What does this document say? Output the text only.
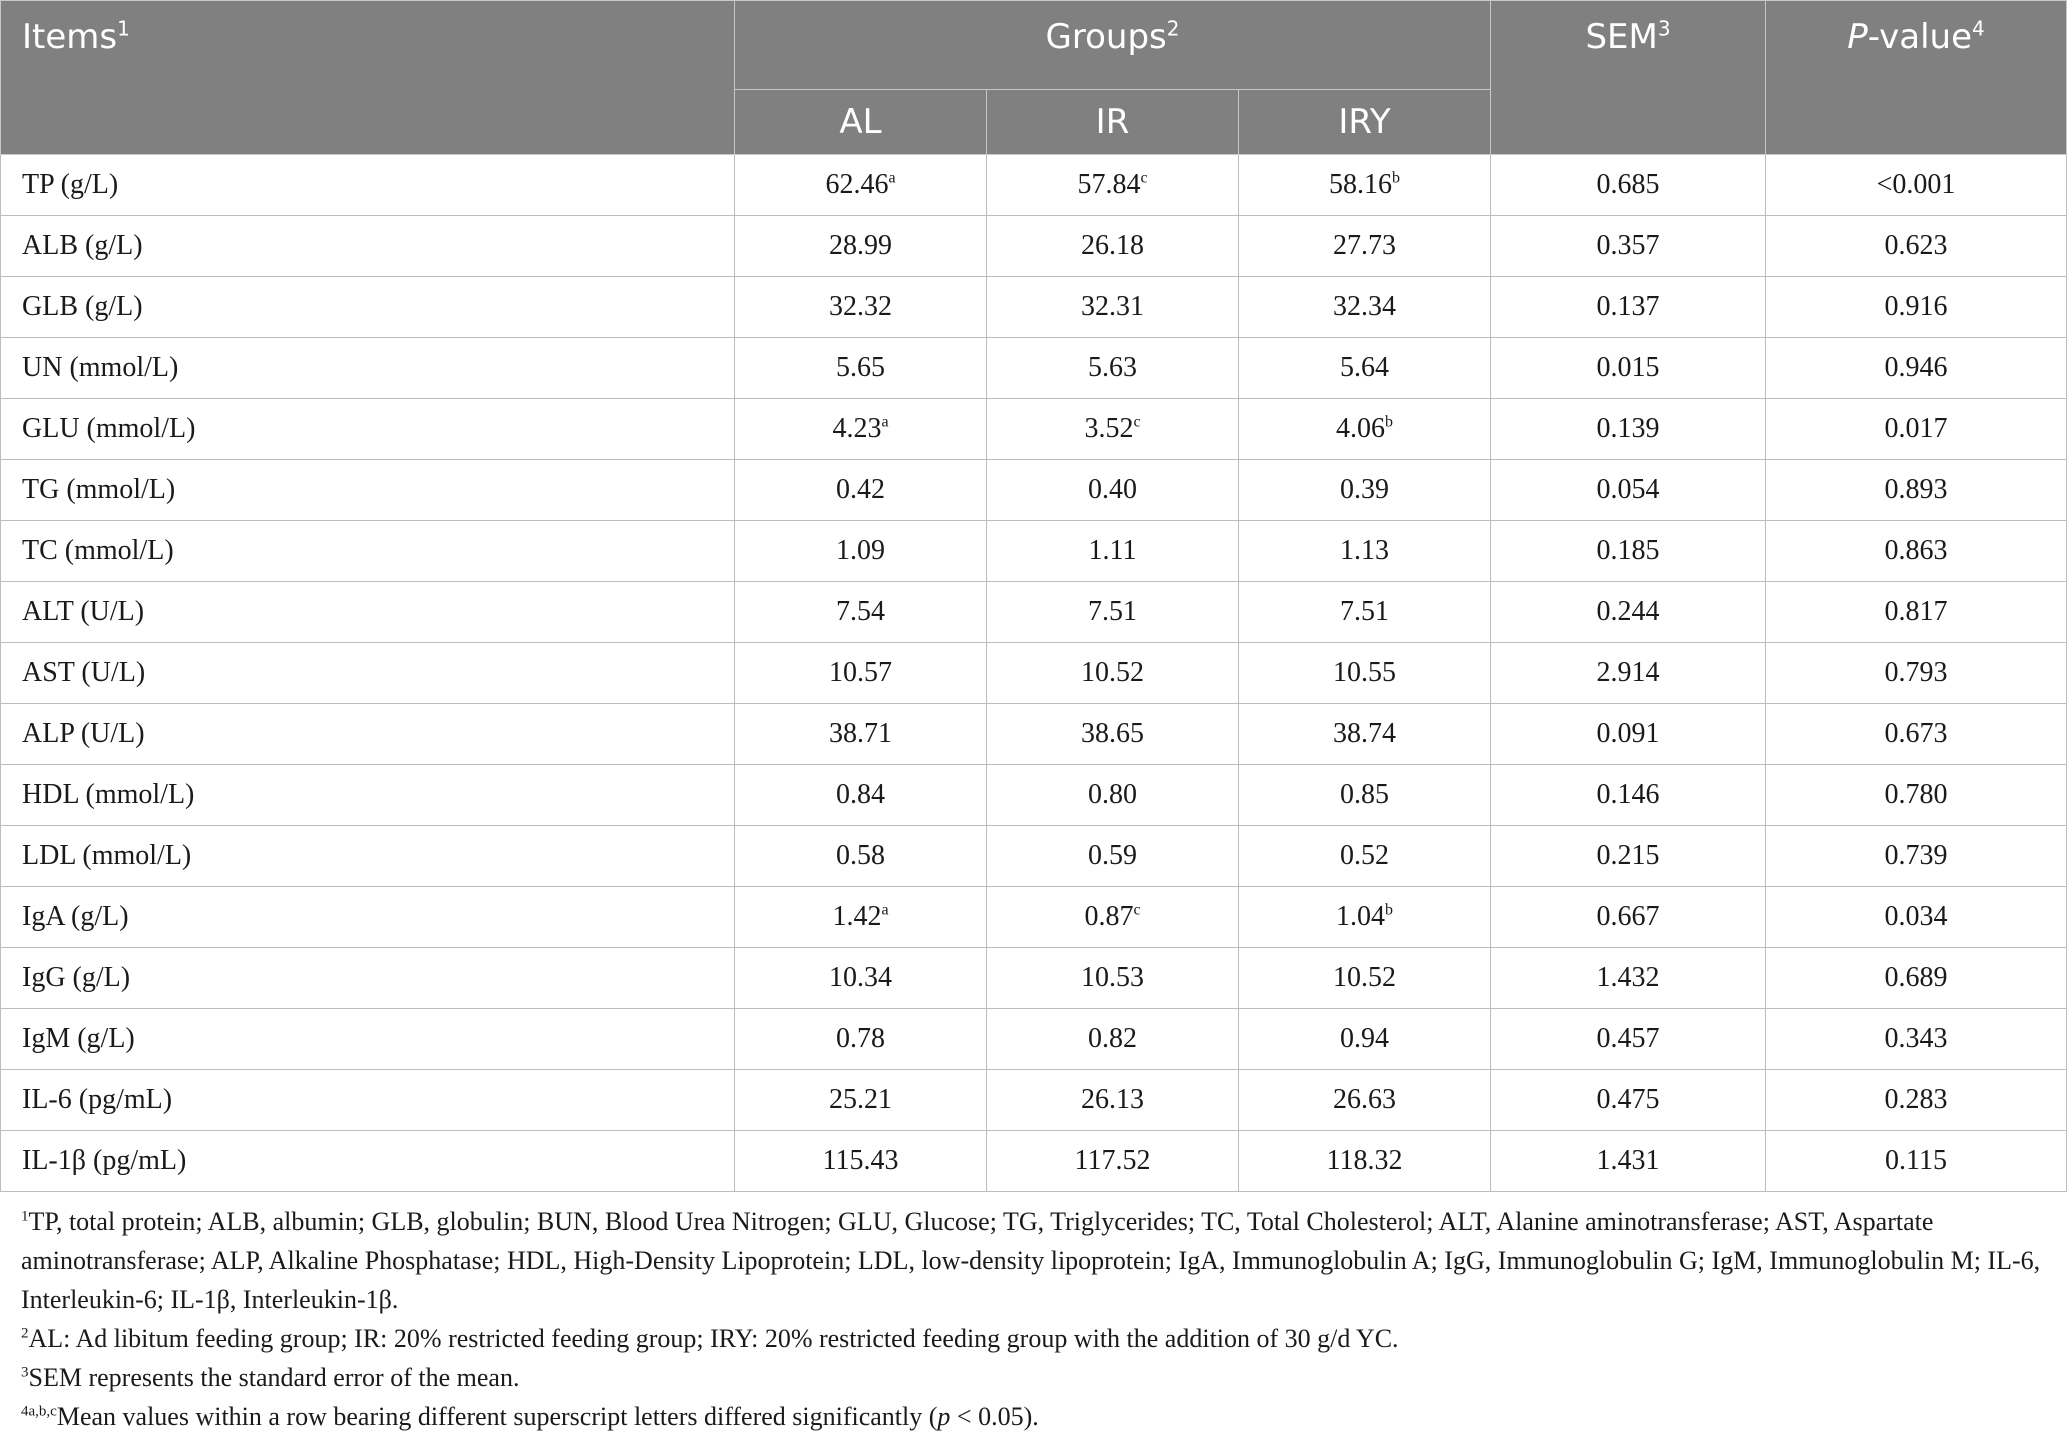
Items$^1$	Groups$^2$			SEM$^3$	P-value$^4$
	AL	IR	IRY		
TP (g/L)	62.46$^a$	57.84$^c$	58.16$^b$	0.685	<0.001
ALB (g/L)	28.99	26.18	27.73	0.357	0.623
GLB (g/L)	32.32	32.31	32.34	0.137	0.916
UN (mmol/L)	5.65	5.63	5.64	0.015	0.946
GLU (mmol/L)	4.23$^a$	3.52$^c$	4.06$^b$	0.139	0.017
TG (mmol/L)	0.42	0.40	0.39	0.054	0.893
TC (mmol/L)	1.09	1.11	1.13	0.185	0.863
ALT (U/L)	7.54	7.51	7.51	0.244	0.817
AST (U/L)	10.57	10.52	10.55	2.914	0.793
ALP (U/L)	38.71	38.65	38.74	0.091	0.673
HDL (mmol/L)	0.84	0.80	0.85	0.146	0.780
LDL (mmol/L)	0.58	0.59	0.52	0.215	0.739
IgA (g/L)	1.42$^a$	0.87$^c$	1.04$^b$	0.667	0.034
IgG (g/L)	10.34	10.53	10.52	1.432	0.689
IgM (g/L)	0.78	0.82	0.94	0.457	0.343
IL-6 (pg/mL)	25.21	26.13	26.63	0.475	0.283
IL-1β (pg/mL)	115.43	117.52	118.32	1.431	0.115

$^1$TP, total protein; ALB, albumin; GLB, globulin; BUN, Blood Urea Nitrogen; GLU, Glucose; TG, Triglycerides; TC, Total Cholesterol; ALT, Alanine aminotransferase; AST, Aspartate aminotransferase; ALP, Alkaline Phosphatase; HDL, High-Density Lipoprotein; LDL, low-density lipoprotein; IgA, Immunoglobulin A; IgG, Immunoglobulin G; IgM, Immunoglobulin M; IL-6, Interleukin-6; IL-1β, Interleukin-1β.

$^2$AL: Ad libitum feeding group; IR: 20% restricted feeding group; IRY: 20% restricted feeding group with the addition of 30 g/d YC.

$^3$SEM represents the standard error of the mean.

$^{4a,b,c}$Mean values within a row bearing different superscript letters differed significantly (p < 0.05).
